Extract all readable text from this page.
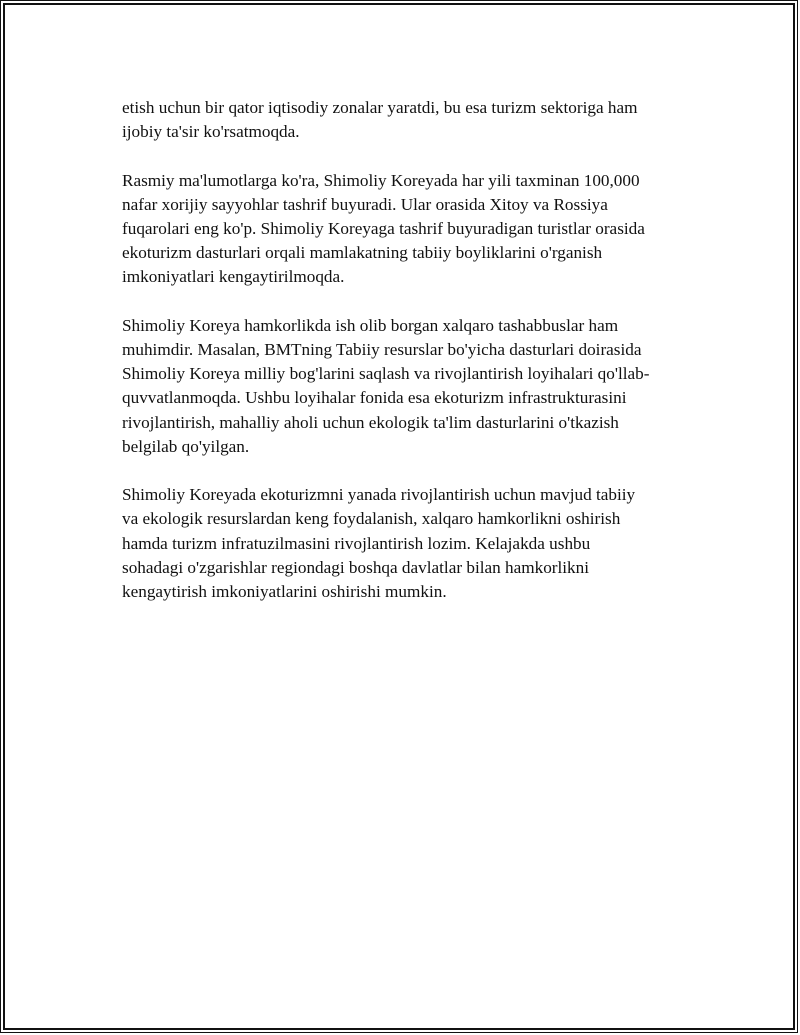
etish uchun bir qator iqtisodiy zonalar yaratdi, bu esa turizm sektoriga ham
ijobiy ta'sir ko'rsatmoqda.

Rasmiy ma'lumotlarga ko'ra, Shimoliy Koreyada har yili taxminan 100,000
nafar xorijiy sayyohlar tashrif buyuradi. Ular orasida Xitoy va Rossiya
fuqarolari eng ko'p. Shimoliy Koreyaga tashrif buyuradigan turistlar orasida
ekoturizm dasturlari orqali mamlakatning tabiiy boyliklarini o'rganish
imkoniyatlari kengaytirilmoqda.

Shimoliy Koreya hamkorlikda ish olib borgan xalqaro tashabbuslar ham
muhimdir. Masalan, BMTning Tabiiy resurslar bo'yicha dasturlari doirasida
Shimoliy Koreya milliy bog'larini saqlash va rivojlantirish loyihalari qo'llab-
quvvatlanmoqda. Ushbu loyihalar fonida esa ekoturizm infrastrukturasini
rivojlantirish, mahalliy aholi uchun ekologik ta'lim dasturlarini o'tkazish
belgilab qo'yilgan.

Shimoliy Koreyada ekoturizmni yanada rivojlantirish uchun mavjud tabiiy
va ekologik resurslardan keng foydalanish, xalqaro hamkorlikni oshirish
hamda turizm infratuzilmasini rivojlantirish lozim. Kelajakda ushbu
sohadagi o'zgarishlar regiondagi boshqa davlatlar bilan hamkorlikni
kengaytirish imkoniyatlarini oshirishi mumkin.
